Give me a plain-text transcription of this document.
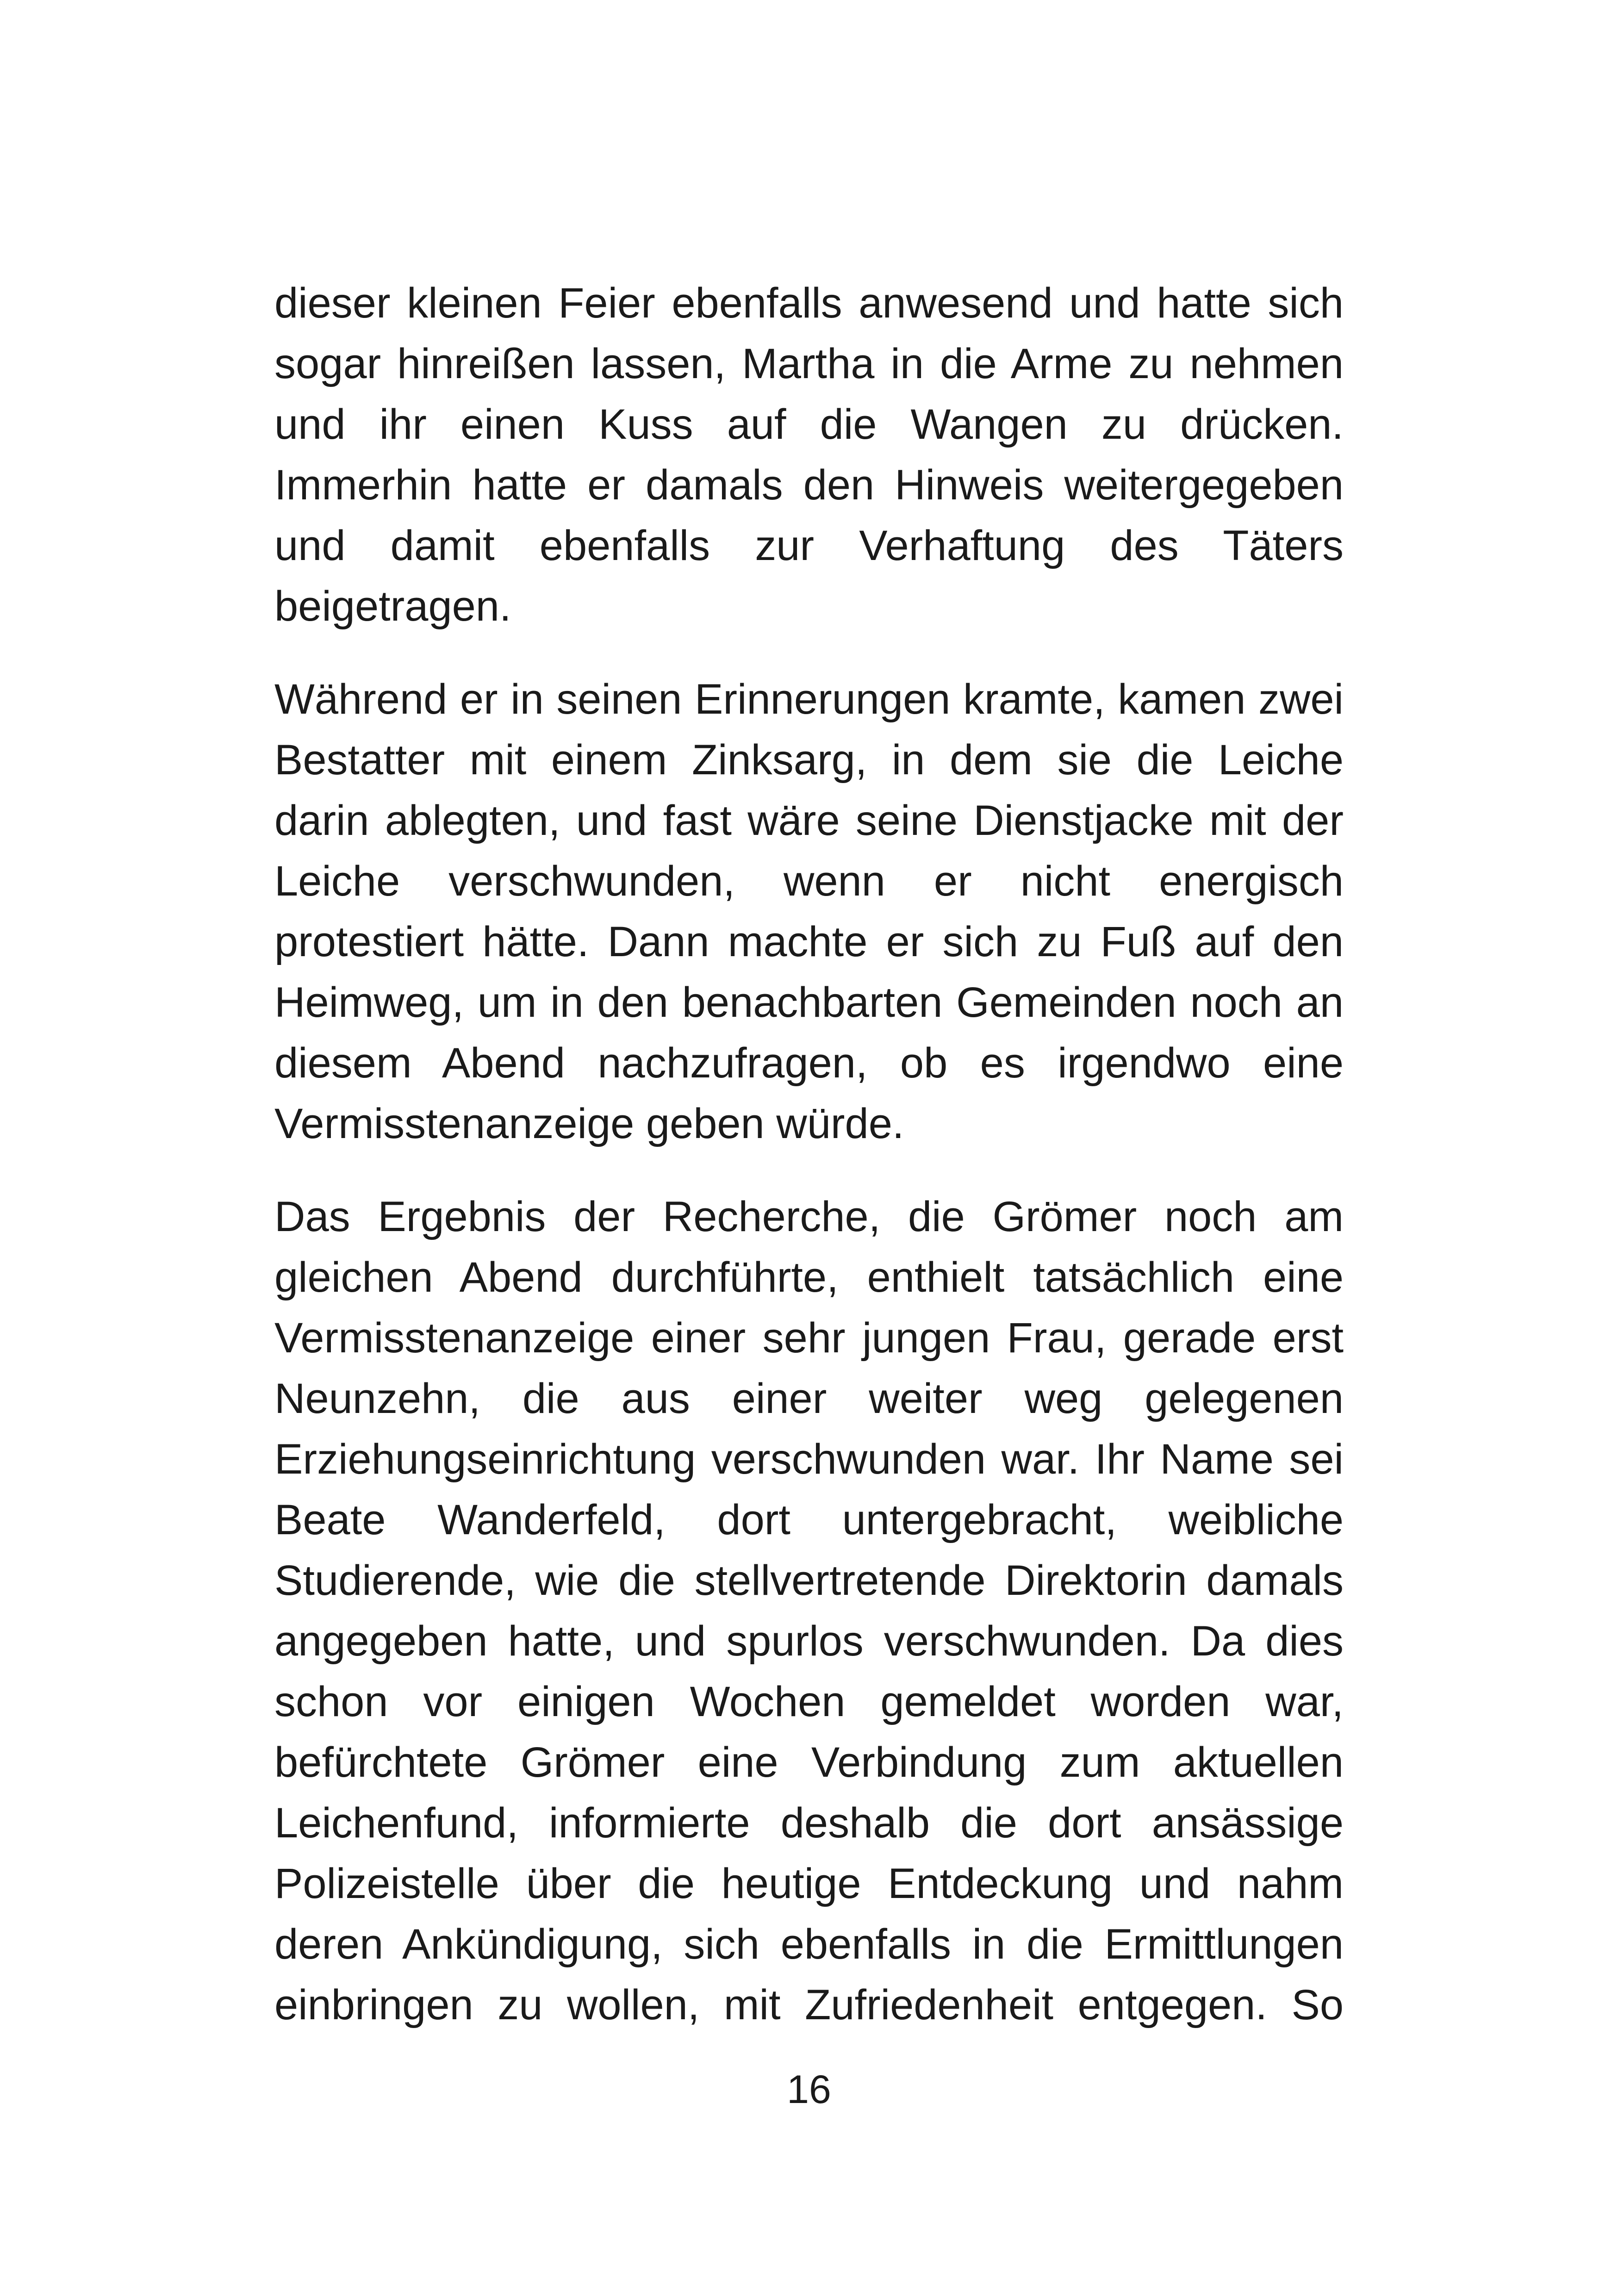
dieser kleinen Feier ebenfalls anwesend und hatte sich
sogar hinreißen lassen, Martha in die Arme zu nehmen
und ihr einen Kuss auf die Wangen zu drücken.
Immerhin hatte er damals den Hinweis weitergegeben
und damit ebenfalls zur Verhaftung des Täters
beigetragen.
Während er in seinen Erinnerungen kramte, kamen zwei
Bestatter mit einem Zinksarg, in dem sie die Leiche
darin ablegten, und fast wäre seine Dienstjacke mit der
Leiche verschwunden, wenn er nicht energisch
protestiert hätte. Dann machte er sich zu Fuß auf den
Heimweg, um in den benachbarten Gemeinden noch an
diesem Abend nachzufragen, ob es irgendwo eine
Vermisstenanzeige geben würde.
Das Ergebnis der Recherche, die Grömer noch am
gleichen Abend durchführte, enthielt tatsächlich eine
Vermisstenanzeige einer sehr jungen Frau, gerade erst
Neunzehn, die aus einer weiter weg gelegenen
Erziehungseinrichtung verschwunden war. Ihr Name sei
Beate Wanderfeld, dort untergebracht, weibliche
Studierende, wie die stellvertretende Direktorin damals
angegeben hatte, und spurlos verschwunden. Da dies
schon vor einigen Wochen gemeldet worden war,
befürchtete Grömer eine Verbindung zum aktuellen
Leichenfund, informierte deshalb die dort ansässige
Polizeistelle über die heutige Entdeckung und nahm
deren Ankündigung, sich ebenfalls in die Ermittlungen
einbringen zu wollen, mit Zufriedenheit entgegen. So
16
